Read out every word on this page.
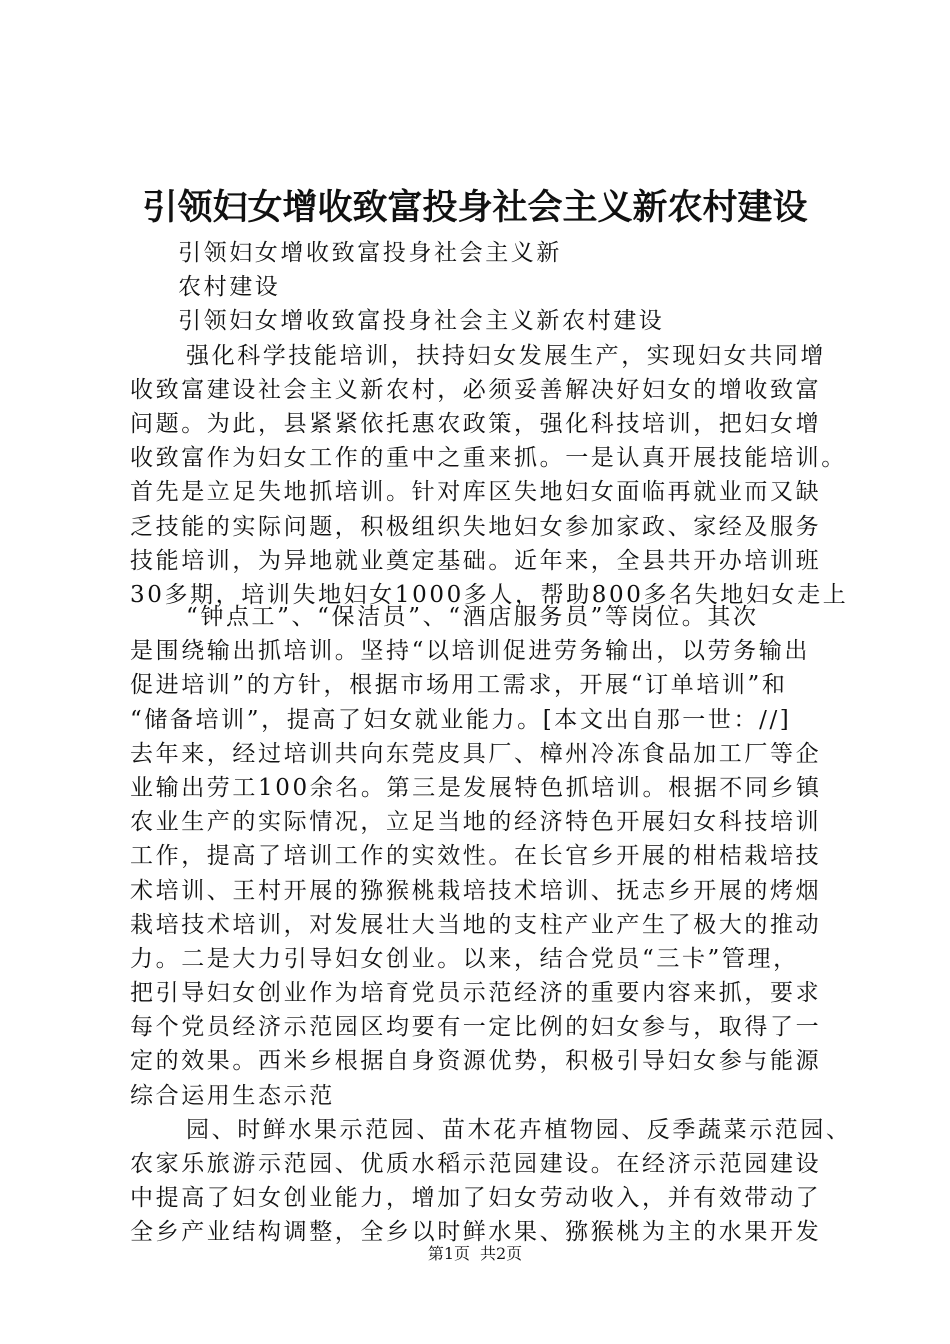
引领妇女增收致富投身社会主义新农村建设
引领妇女增收致富投身社会主义新
农村建设
引领妇女增收致富投身社会主义新农村建设
强化科学技能培训，扶持妇女发展生产，实现妇女共同增
收致富建设社会主义新农村，必须妥善解决好妇女的增收致富
问题。为此，县紧紧依托惠农政策，强化科技培训，把妇女增
收致富作为妇女工作的重中之重来抓。一是认真开展技能培训。
首先是立足失地抓培训。针对库区失地妇女面临再就业而又缺
乏技能的实际问题，积极组织失地妇女参加家政、家经及服务
技能培训，为异地就业奠定基础。近年来，全县共开办培训班
30多期，培训失地妇女1000多人，帮助800多名失地妇女走上
“钟点工”、“保洁员”、“酒店服务员”等岗位。其次
是围绕输出抓培训。坚持“以培训促进劳务输出，以劳务输出
促进培训”的方针，根据市场用工需求，开展“订单培训”和
“储备培训”，提高了妇女就业能力。[本文出自那一世：//]
去年来，经过培训共向东莞皮具厂、樟州冷冻食品加工厂等企
业输出劳工100余名。第三是发展特色抓培训。根据不同乡镇
农业生产的实际情况，立足当地的经济特色开展妇女科技培训
工作，提高了培训工作的实效性。在长官乡开展的柑桔栽培技
术培训、王村开展的猕猴桃栽培技术培训、抚志乡开展的烤烟
栽培技术培训，对发展壮大当地的支柱产业产生了极大的推动
力。二是大力引导妇女创业。以来，结合党员“三卡”管理，
把引导妇女创业作为培育党员示范经济的重要内容来抓，要求
每个党员经济示范园区均要有一定比例的妇女参与，取得了一
定的效果。西米乡根据自身资源优势，积极引导妇女参与能源
综合运用生态示范
园、时鲜水果示范园、苗木花卉植物园、反季蔬菜示范园、
农家乐旅游示范园、优质水稻示范园建设。在经济示范园建设
中提高了妇女创业能力，增加了妇女劳动收入，并有效带动了
全乡产业结构调整，全乡以时鲜水果、猕猴桃为主的水果开发
第1页 共2页
